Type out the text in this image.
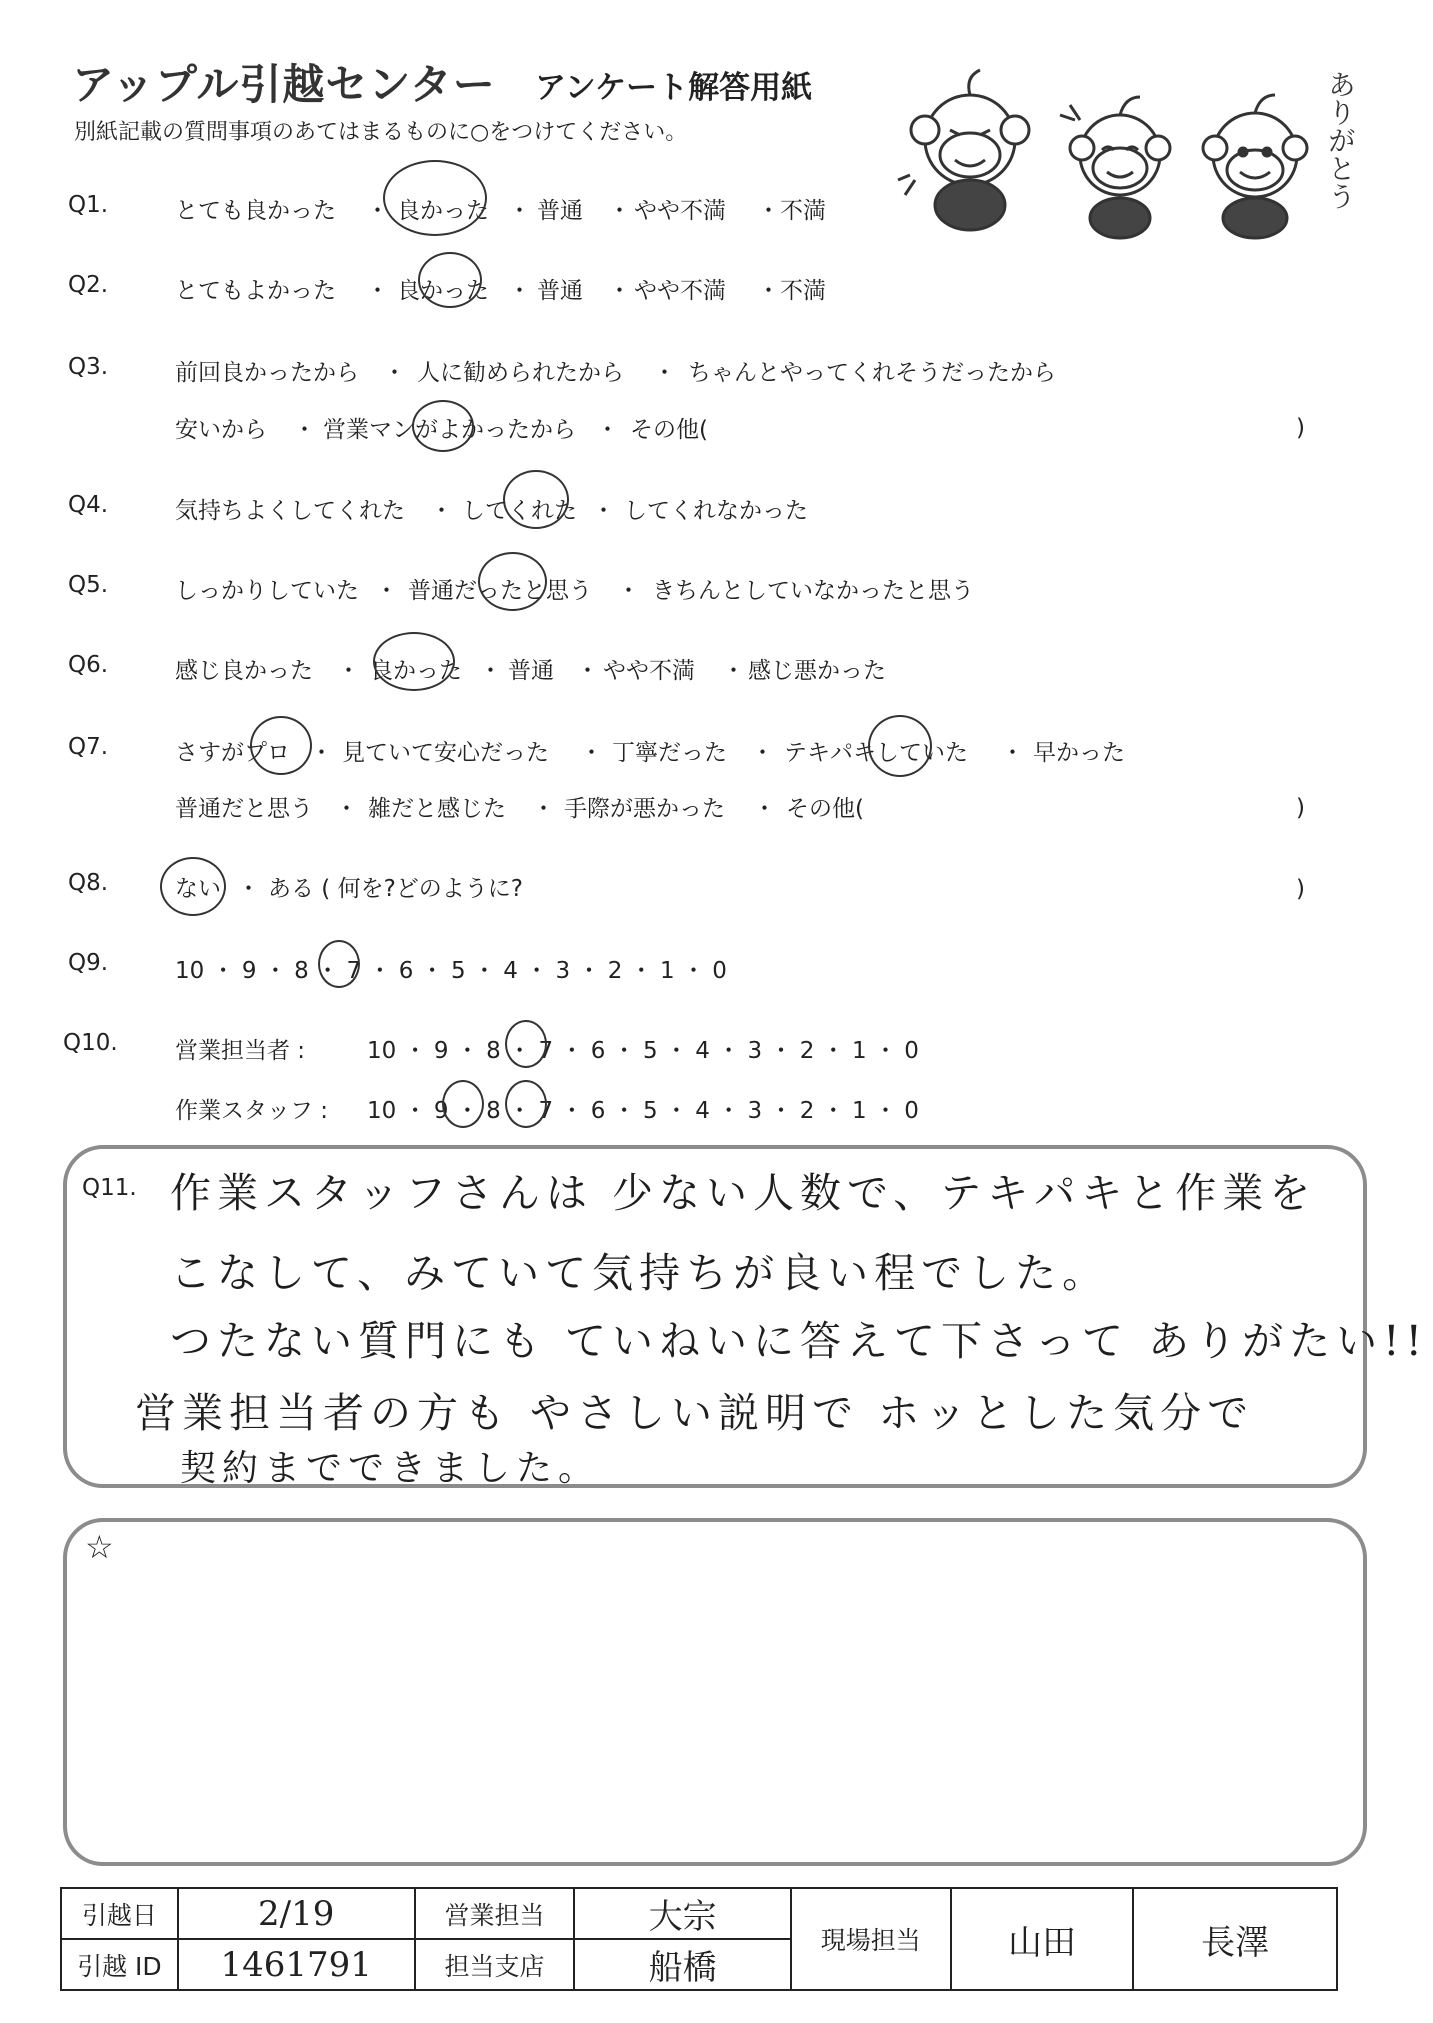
アップル引越センター アンケート解答用紙
別紙記載の質問事項のあてはまるものに○をつけてください。	ありがとう
Q1.	とても良かった ・ 良かった ・ 普通 ・ やや不満 ・ 不満
Q2.	とてもよかった ・ 良かった ・ 普通 ・ やや不満 ・ 不満
Q3.	前回良かったから ・ 人に勧められたから ・ ちゃんとやってくれそうだったから
安いから ・ 営業マンがよかったから ・ その他(	)
Q4.	気持ちよくしてくれた ・ してくれた ・ してくれなかった
Q5.	しっかりしていた ・ 普通だったと思う ・ きちんとしていなかったと思う
Q6.	感じ良かった ・ 良かった ・ 普通 ・ やや不満 ・ 感じ悪かった
Q7.	さすがプロ ・ 見ていて安心だった ・ 丁寧だった ・ テキパキしていた ・ 早かった
普通だと思う ・ 雑だと感じた ・ 手際が悪かった ・ その他(	)
Q8.	ない ・ ある ( 何を?どのように?	)
Q9.	10 ・ 9 ・ 8 ・ 7 ・ 6 ・ 5 ・ 4 ・ 3 ・ 2 ・ 1 ・ 0
Q10. 営業担当者 :	10 ・ 9 ・ 8 ・ 7 ・ 6 ・ 5 ・ 4 ・ 3 ・ 2 ・ 1 ・ 0
作業スタッフ : 10 ・ 9 ・ 8 ・ 7 ・ 6 ・ 5 ・ 4 ・ 3 ・ 2 ・ 1 ・ 0
Q11. 作業スタッフさんは 少ない人数で、テキパキと作業を
こなして、みていて気持ちが良い程でした。
つたない質門にも ていねいに答えて下さって ありがたい!!
営業担当者の方も やさしい説明で ホッとした気分で
契約までできました。
☆
引越日	2/19	営業担当	大宗	現場担当	山田	長澤
引越 ID	1461791	担当支店	船橋			
